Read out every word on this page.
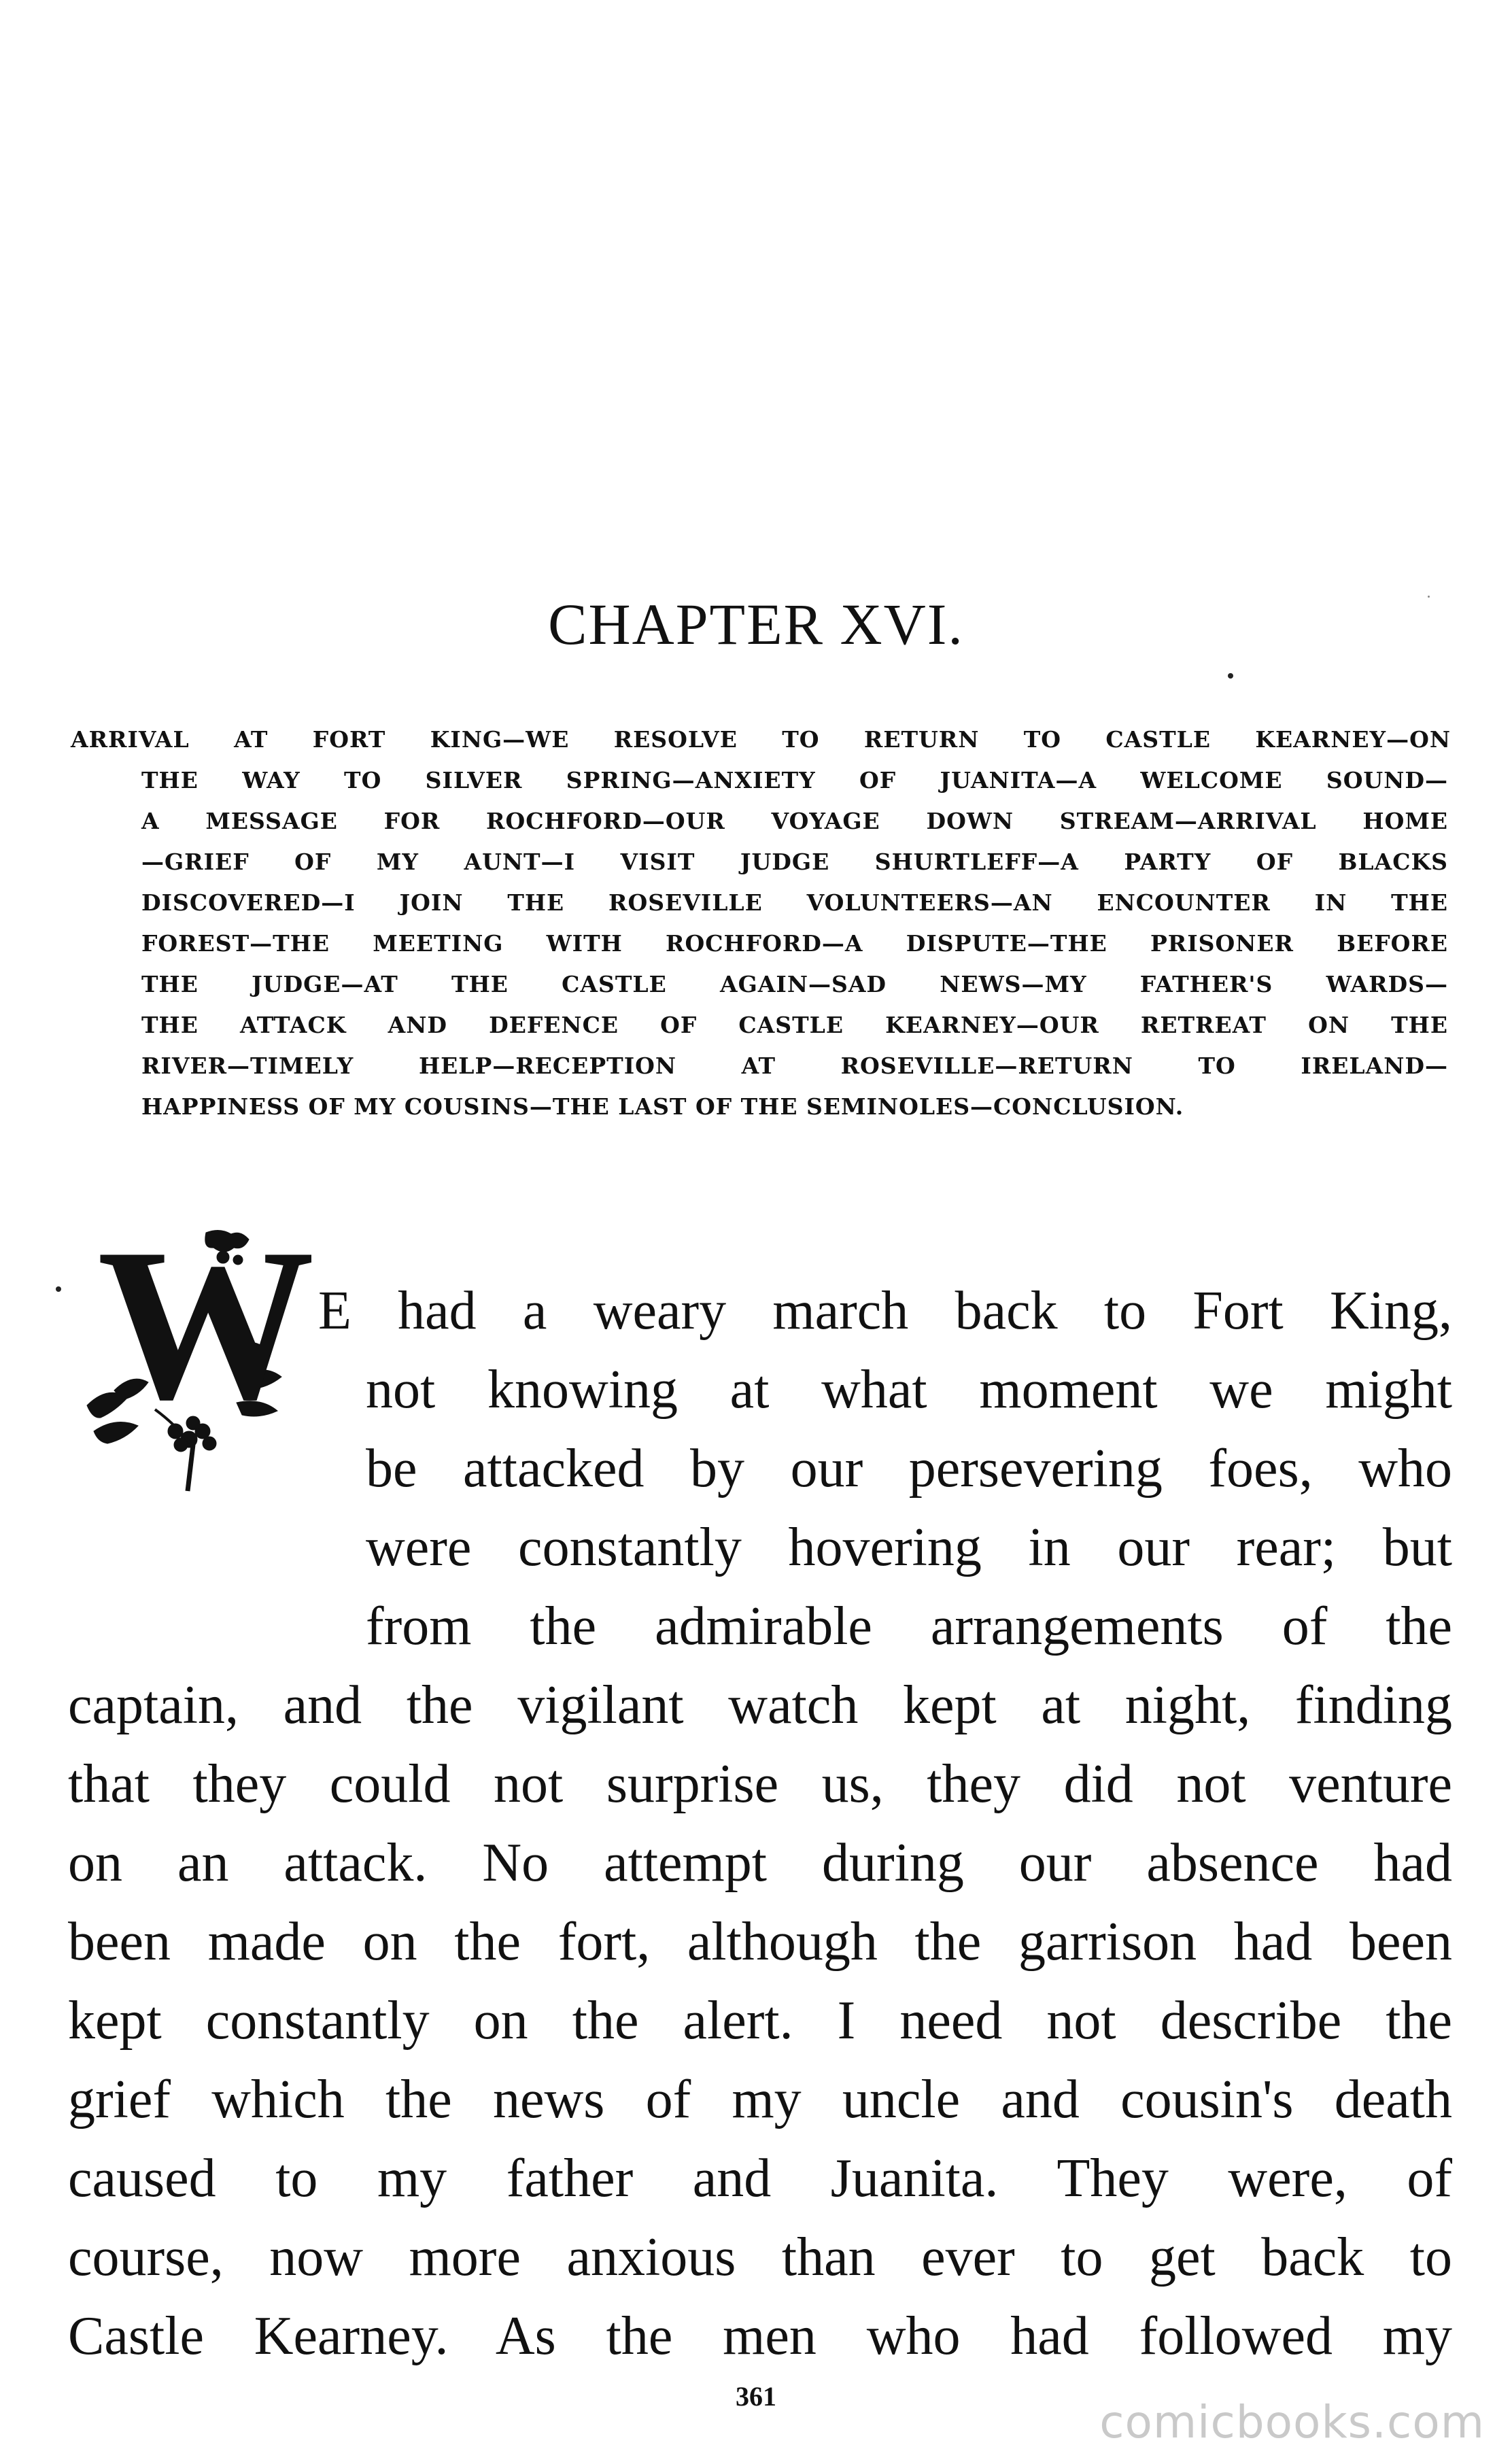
CHAPTER XVI.
ARRIVAL AT FORT KING—WE RESOLVE TO RETURN TO CASTLE KEARNEY—ON
THE WAY TO SILVER SPRING—ANXIETY OF JUANITA—A WELCOME SOUND—
A MESSAGE FOR ROCHFORD—OUR VOYAGE DOWN STREAM—ARRIVAL HOME
—GRIEF OF MY AUNT—I VISIT JUDGE SHURTLEFF—A PARTY OF BLACKS
DISCOVERED—I JOIN THE ROSEVILLE VOLUNTEERS—AN ENCOUNTER IN THE
FOREST—THE MEETING WITH ROCHFORD—A DISPUTE—THE PRISONER BEFORE
THE JUDGE—AT THE CASTLE AGAIN—SAD NEWS—MY FATHER'S WARDS—
THE ATTACK AND DEFENCE OF CASTLE KEARNEY—OUR RETREAT ON THE
RIVER—TIMELY HELP—RECEPTION AT ROSEVILLE—RETURN TO IRELAND—
HAPPINESS OF MY COUSINS—THE LAST OF THE SEMINOLES—CONCLUSION.
W E had a weary march back to Fort King,
not knowing at what moment we might
be attacked by our persevering foes, who
were constantly hovering in our rear; but
from the admirable arrangements of the
captain, and the vigilant watch kept at night, finding
that they could not surprise us, they did not venture
on an attack. No attempt during our absence had
been made on the fort, although the garrison had been
kept constantly on the alert. I need not describe the
grief which the news of my uncle and cousin's death
caused to my father and Juanita. They were, of
course, now more anxious than ever to get back to
Castle Kearney. As the men who had followed my
361	comicbooks.com
